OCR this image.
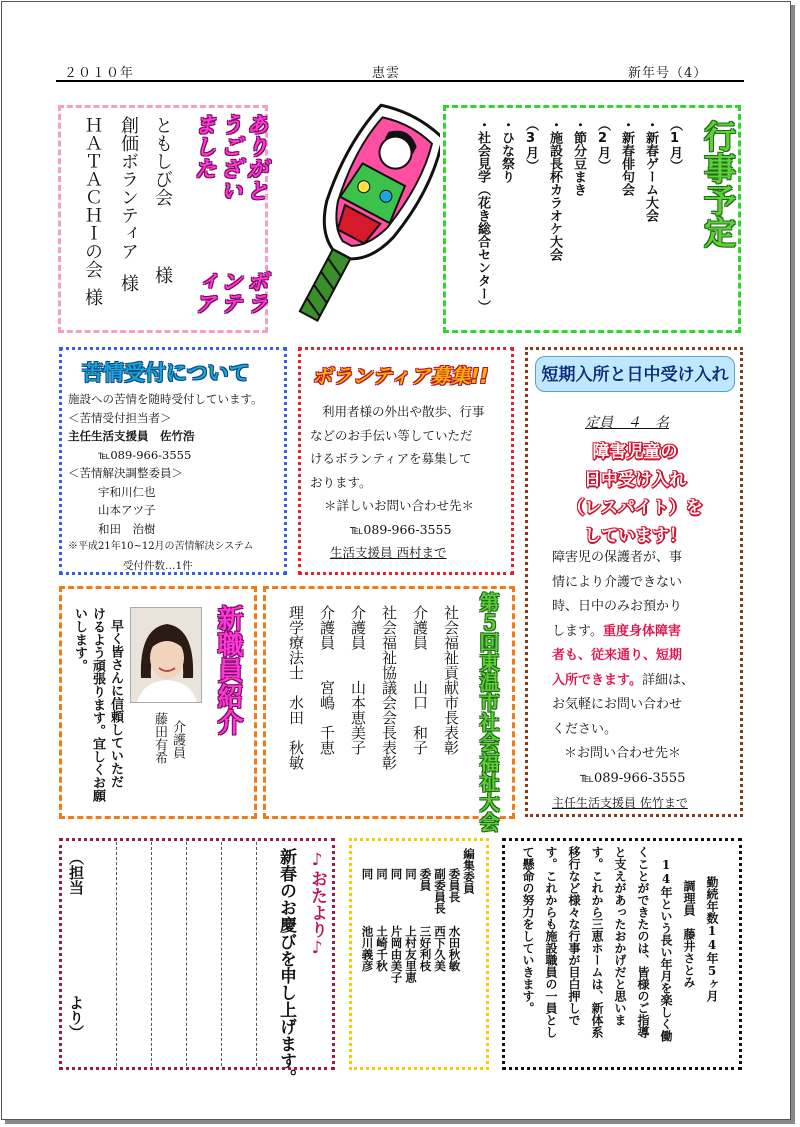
２０１０年	恵雲	新年号（4）
ボランティア
ありがとうございました
ともしび会様
創価ボランティア様
ＨＡＴＡＣＨＩの会様
行事予定
（1月）
・新春ゲーム大会
・新春俳句会
（2月）
・節分豆まき
・施設長杯カラオケ大会
（3月）
・ひな祭り
・社会見学（花き総合センター）
苦情受付について
施設への苦情を随時受付しています。
＜苦情受付担当者＞
主任生活支援員　佐竹浩
℡089-966-3555
＜苦情解決調整委員＞
宇和川仁也
山本アツ子
和田　治樹
※平成21年10~12月の苦情解決システム
受付件数…1件
ボランティア募集!!
利用者様の外出や散歩、行事
などのお手伝い等していただ
けるボランティアを募集して
おります。
＊詳しいお問い合わせ先＊
℡089-966-3555
生活支援員 西村まで
短期入所と日中受け入れ
定員　４　名
障害児童の
日中受け入れ
（レスパイト）を
しています！
障害児の保護者が、事
情により介護できない
時、日中のみお預かり
します。重度身体障害
者も、従来通り、短期
入所できます。詳細は、
お気軽にお問い合わせ
ください。
＊お問い合わせ先＊
℡089-966-3555
主任生活支援員 佐竹まで
新職員紹介
介護員
藤田有希
早く皆さんに信頼していただ
けるよう頑張ります。宜しくお願
いします。	第５回東温市社会福祉大会
社会福祉貢献市長表彰
介護員　　山口　和子
社会福祉協議会会長表彰
介護員　　山本恵美子
介護員　　宮嶋　千恵
理学療法士　水田　秋敏
♪おたより♪
新春のお慶びを申し上げます。
（担当より）
編集委員
委員長　　水田秋敏
副委員長　西下久美
委員　　　三好利枝
同　　　　上村友里恵
同　　　　片岡由美子
同　　　　土崎千秋
同　　　　池川義彦	勤続年数14年5ヶ月
調理員　藤井さとみ
14年という長い年月を楽しく働
くことができたのは、皆様のご指導
と支えがあったおかげだと思いま
す。これから三恵ホームは、新体系
移行など様々な行事が目白押しで
す。これからも施設職員の一員とし
て懸命の努力をしていきます。
